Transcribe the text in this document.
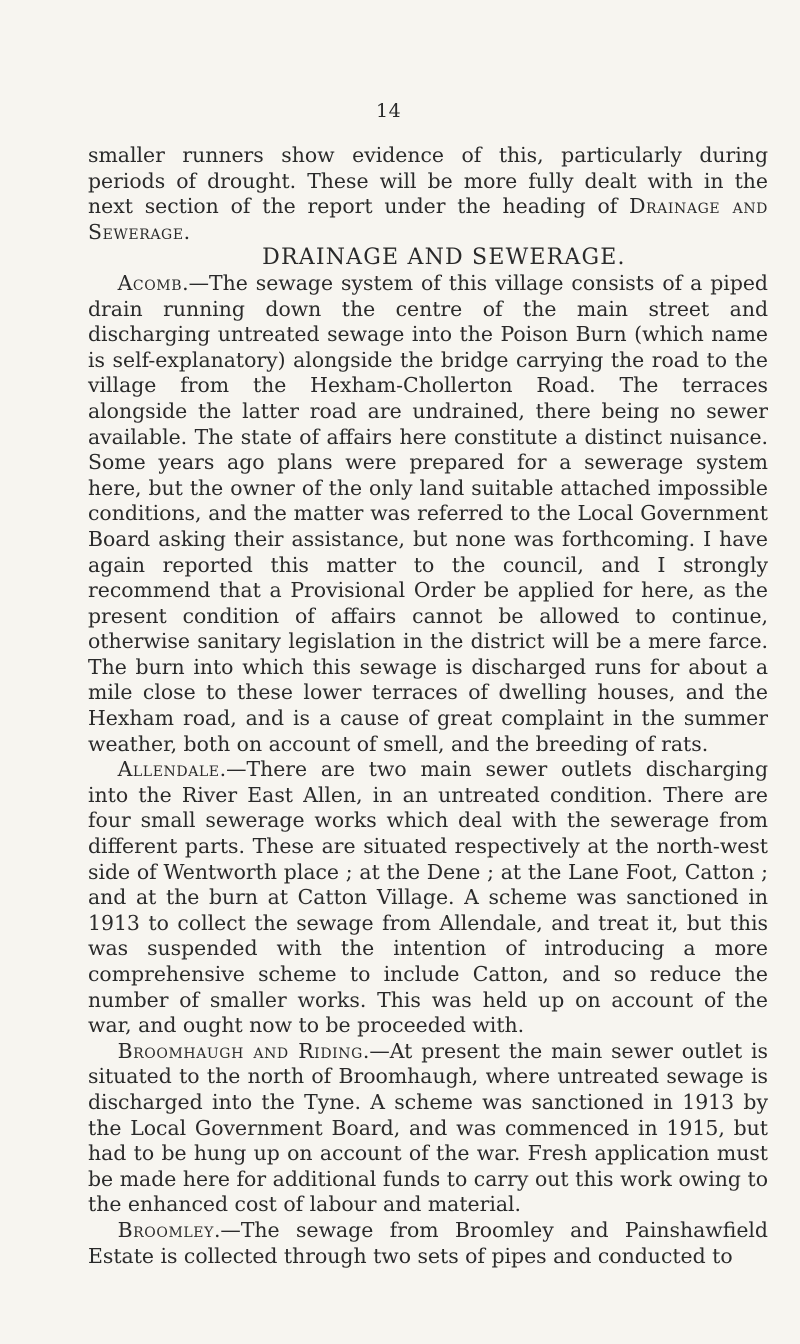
14

smaller runners show evidence of this, particularly during periods of drought. These will be more fully dealt with in the next section of the report under the heading of Drainage and Sewerage.

DRAINAGE AND SEWERAGE.

Acomb.—The sewage system of this village consists of a piped drain running down the centre of the main street and discharging untreated sewage into the Poison Burn (which name is self-explanatory) alongside the bridge carrying the road to the village from the Hexham-Chollerton Road. The terraces alongside the latter road are undrained, there being no sewer available. The state of affairs here constitute a distinct nuisance. Some years ago plans were prepared for a sewerage system here, but the owner of the only land suitable attached impossible conditions, and the matter was referred to the Local Government Board asking their assistance, but none was forthcoming. I have again reported this matter to the council, and I strongly recommend that a Provisional Order be applied for here, as the present condition of affairs cannot be allowed to continue, otherwise sanitary legislation in the district will be a mere farce. The burn into which this sewage is discharged runs for about a mile close to these lower terraces of dwelling houses, and the Hexham road, and is a cause of great complaint in the summer weather, both on account of smell, and the breeding of rats.

Allendale.—There are two main sewer outlets discharging into the River East Allen, in an untreated condition. There are four small sewerage works which deal with the sewerage from different parts. These are situated respectively at the north-west side of Wentworth place ; at the Dene ; at the Lane Foot, Catton ; and at the burn at Catton Village. A scheme was sanctioned in 1913 to collect the sewage from Allendale, and treat it, but this was suspended with the intention of introducing a more comprehensive scheme to include Catton, and so reduce the number of smaller works. This was held up on account of the war, and ought now to be proceeded with.

Broomhaugh and Riding.—At present the main sewer outlet is situated to the north of Broomhaugh, where untreated sewage is discharged into the Tyne. A scheme was sanctioned in 1913 by the Local Government Board, and was commenced in 1915, but had to be hung up on account of the war. Fresh application must be made here for additional funds to carry out this work owing to the enhanced cost of labour and material.

Broomley.—The sewage from Broomley and Painshawfield Estate is collected through two sets of pipes and conducted to
